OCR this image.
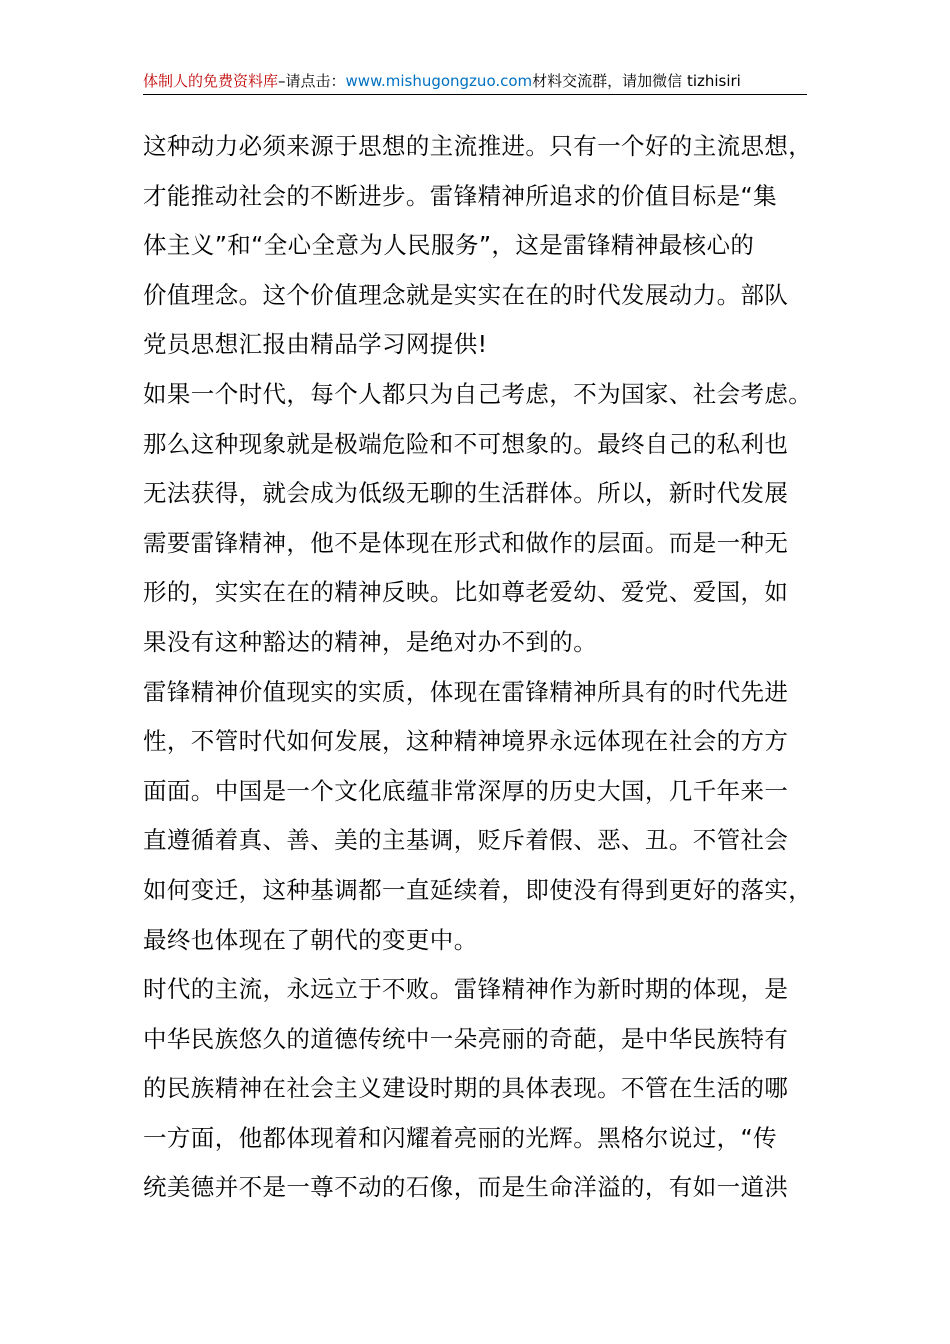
体制人的免费资料库–请点击：www.mishugongzuo.com材料交流群，请加微信 tizhisiri
这种动力必须来源于思想的主流推进。只有一个好的主流思想，
才能推动社会的不断进步。雷锋精神所追求的价值目标是“集
体主义”和“全心全意为人民服务”，这是雷锋精神最核心的
价值理念。这个价值理念就是实实在在的时代发展动力。部队
党员思想汇报由精品学习网提供!
如果一个时代，每个人都只为自己考虑，不为国家、社会考虑。
那么这种现象就是极端危险和不可想象的。最终自己的私利也
无法获得，就会成为低级无聊的生活群体。所以，新时代发展
需要雷锋精神，他不是体现在形式和做作的层面。而是一种无
形的，实实在在的精神反映。比如尊老爱幼、爱党、爱国，如
果没有这种豁达的精神，是绝对办不到的。
雷锋精神价值现实的实质，体现在雷锋精神所具有的时代先进
性，不管时代如何发展，这种精神境界永远体现在社会的方方
面面。中国是一个文化底蕴非常深厚的历史大国，几千年来一
直遵循着真、善、美的主基调，贬斥着假、恶、丑。不管社会
如何变迁，这种基调都一直延续着，即使没有得到更好的落实，
最终也体现在了朝代的变更中。
时代的主流，永远立于不败。雷锋精神作为新时期的体现，是
中华民族悠久的道德传统中一朵亮丽的奇葩，是中华民族特有
的民族精神在社会主义建设时期的具体表现。不管在生活的哪
一方面，他都体现着和闪耀着亮丽的光辉。黑格尔说过，“传
统美德并不是一尊不动的石像，而是生命洋溢的，有如一道洪
